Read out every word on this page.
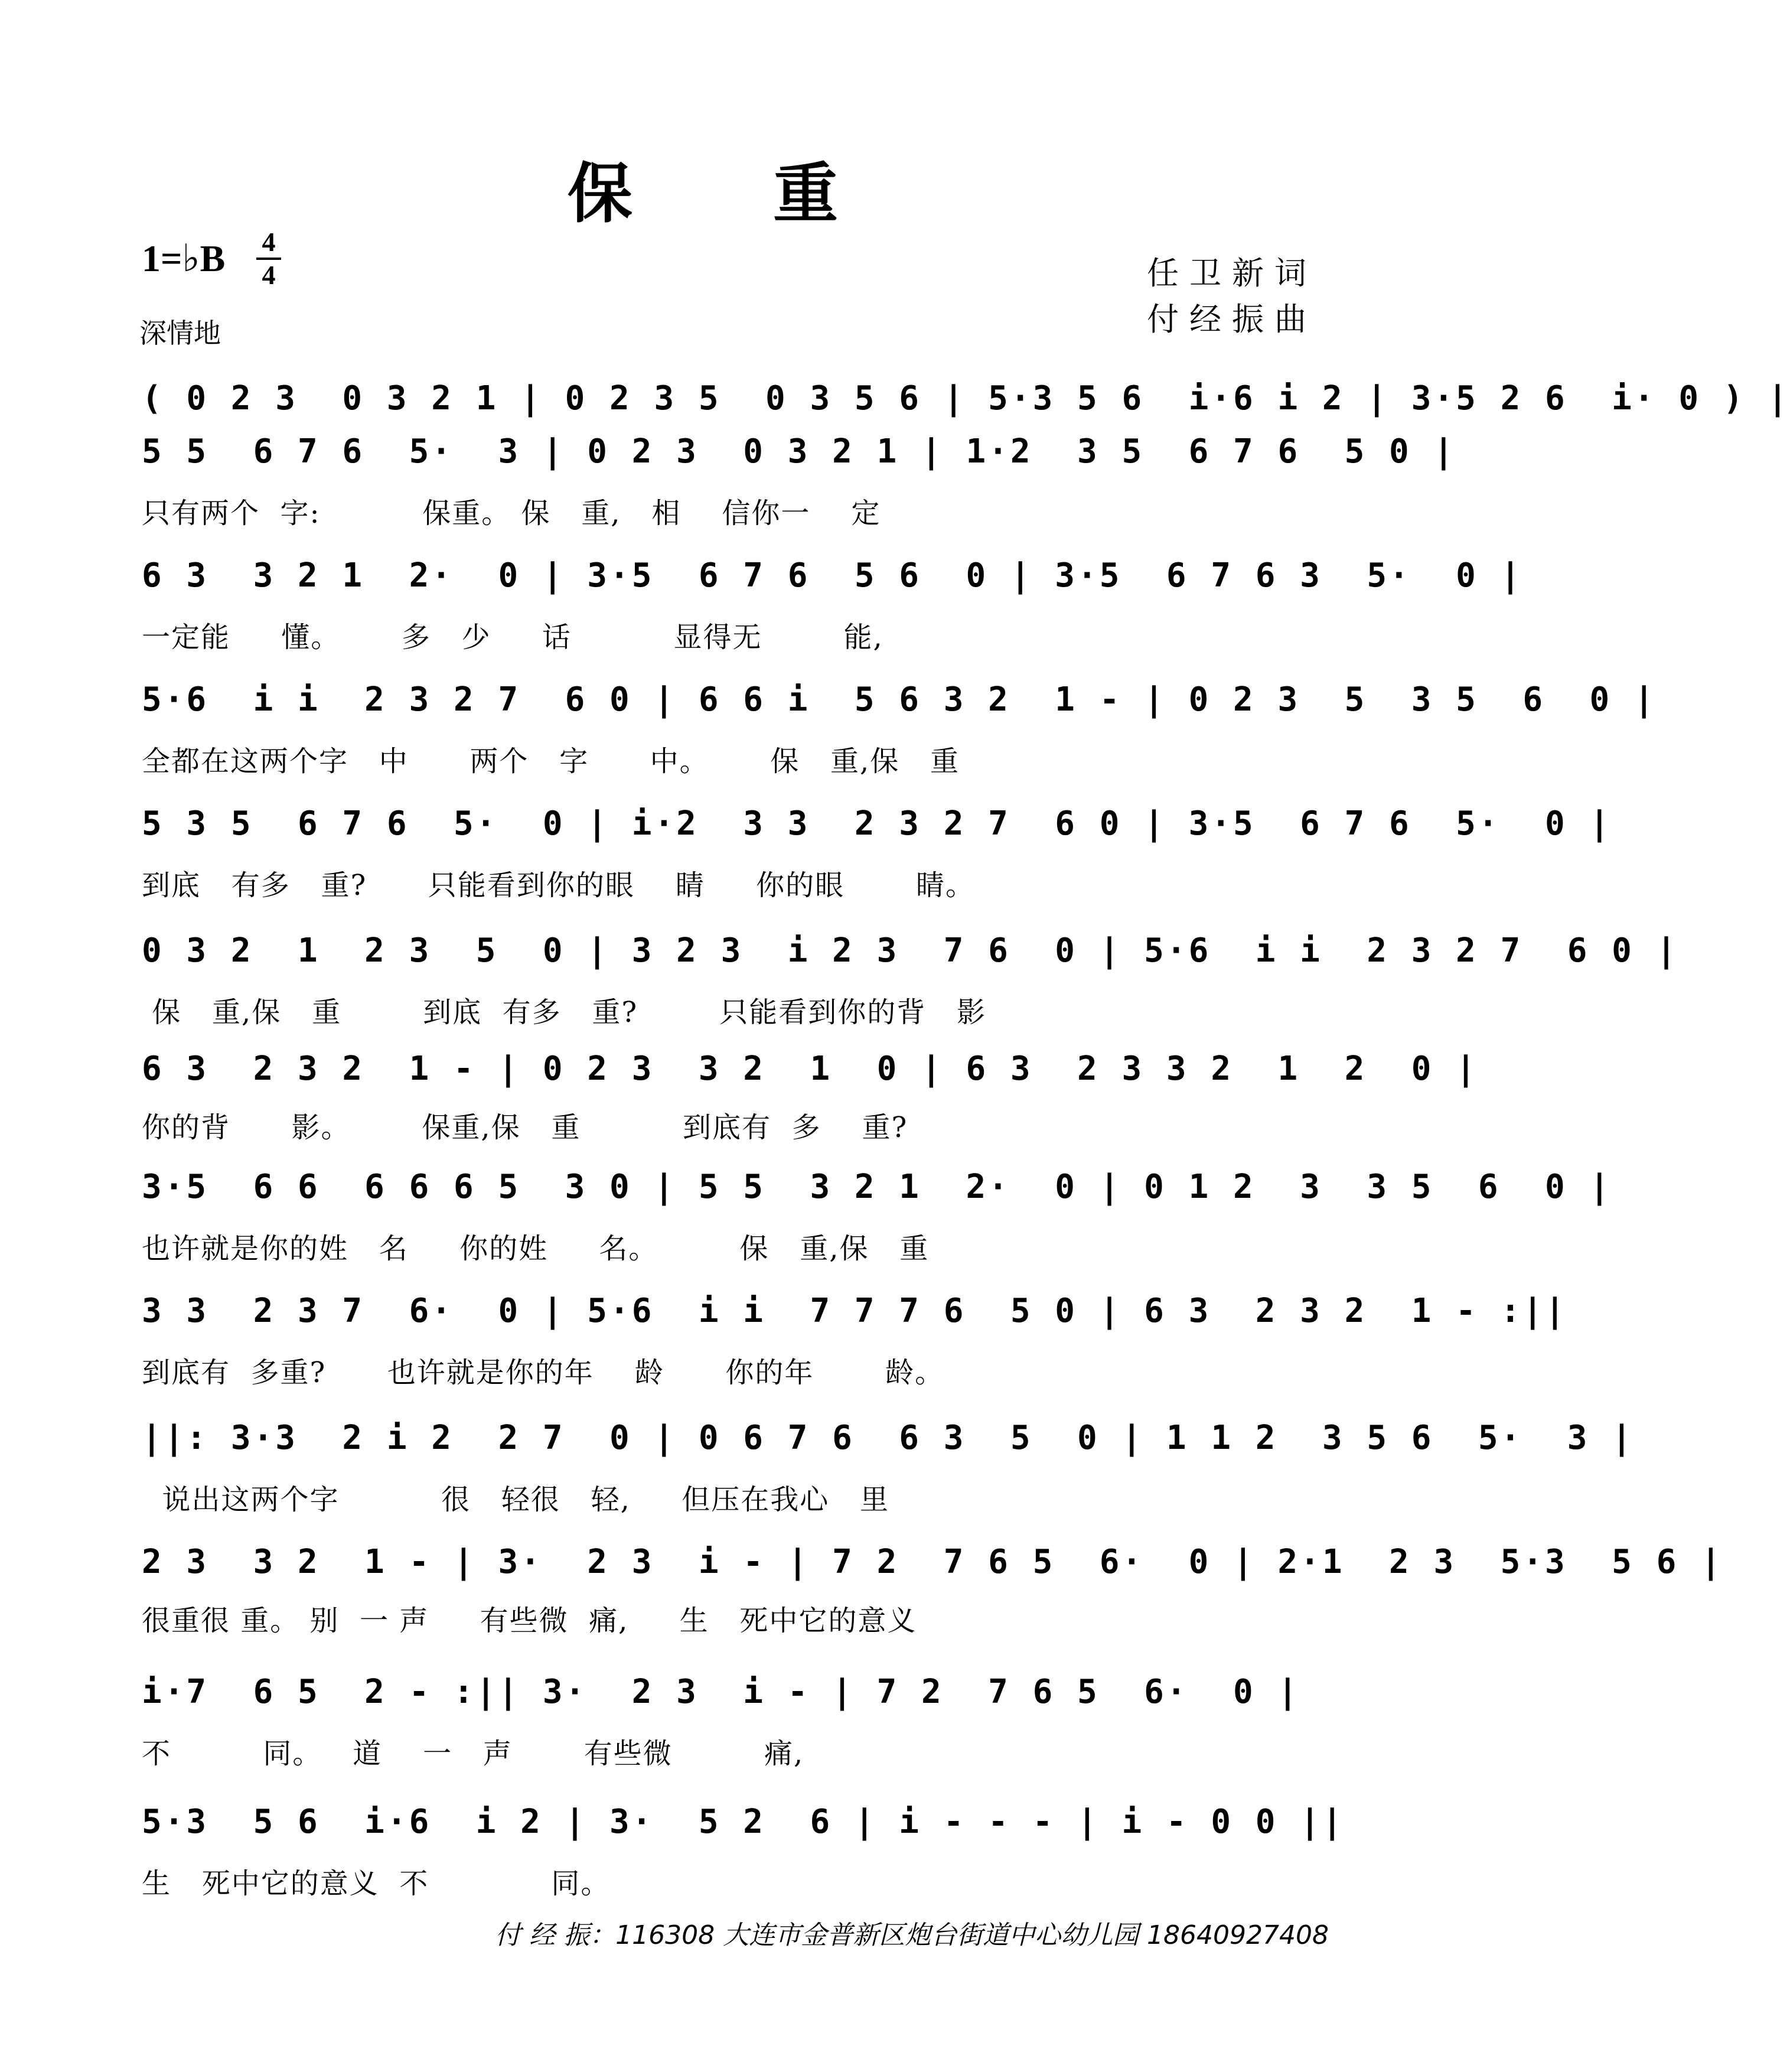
保 重
1=♭B 4
4
深情地
任卫新词
付经振曲
( 0 2 3  0 3 2 1 | 0 2 3 5  0 3 5 6 | 5·3 5 6  i·6 i 2 | 3·5 2 6  i· 0 ) |
5 5  6 7 6  5·  3 | 0 2 3  0 3 2 1 | 1·2  3 5  6 7 6  5 0 |
只有两个  字:          保重。 保   重,   相    信你一    定
6 3  3 2 1  2·  0 | 3·5  6 7 6  5 6  0 | 3·5  6 7 6 3  5·  0 |
一定能     懂。      多   少     话          显得无        能,
5·6  i i  2 3 2 7  6 0 | 6 6 i  5 6 3 2  1 - | 0 2 3  5  3 5  6  0 |
全都在这两个字   中      两个   字      中。      保   重,保   重
5 3 5  6 7 6  5·  0 | i·2  3 3  2 3 2 7  6 0 | 3·5  6 7 6  5·  0 |
到底   有多   重?      只能看到你的眼    睛     你的眼       睛。
0 3 2  1  2 3  5  0 | 3 2 3  i 2 3  7 6  0 | 5·6  i i  2 3 2 7  6 0 |
保   重,保   重        到底  有多   重?        只能看到你的背   影
6 3  2 3 2  1 - | 0 2 3  3 2  1  0 | 6 3  2 3 3 2  1  2  0 |
你的背      影。       保重,保   重          到底有  多    重?
3·5  6 6  6 6 6 5  3 0 | 5 5  3 2 1  2·  0 | 0 1 2  3  3 5  6  0 |
也许就是你的姓   名     你的姓     名。        保   重,保   重
3 3  2 3 7  6·  0 | 5·6  i i  7 7 7 6  5 0 | 6 3  2 3 2  1 - :||
到底有  多重?      也许就是你的年    龄      你的年       龄。
||: 3·3  2 i 2  2 7  0 | 0 6 7 6  6 3  5  0 | 1 1 2  3 5 6  5·  3 |
说出这两个字          很   轻很   轻,     但压在我心   里
2 3  3 2  1 - | 3·  2 3  i - | 7 2  7 6 5  6·  0 | 2·1  2 3  5·3  5 6 |
很重很 重。 别  一 声     有些微  痛,     生   死中它的意义
i·7  6 5  2 - :|| 3·  2 3  i - | 7 2  7 6 5  6·  0 |
不         同。   道    一   声       有些微         痛,
5·3  5 6  i·6  i 2 | 3·  5 2  6 | i - - - | i - 0 0 ||
生   死中它的意义  不            同。
付 经 振：116308 大连市金普新区炮台街道中心幼儿园 18640927408
